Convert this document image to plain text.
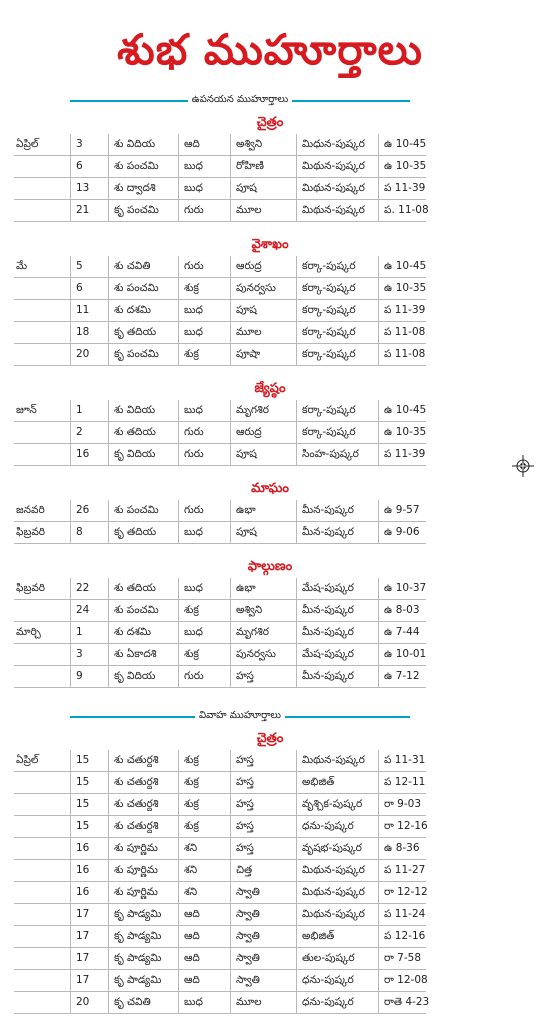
శుభ ముహూర్తాలు
ఉపనయన ముహూర్తాలు
చైత్రం
ఏప్రిల్	3	శు విదియ	ఆది	అశ్విని	మిధున-పుష్కర ఉ 10-45
6	శు పంచమి బుధ	రోహిణి	మిథున-పుష్కర ఉ 10-35
13 శు ద్వాదశి	బుధ	పూష	మిథున-పుష్కర ప 11-39
21 కృ పంచమి గురు	మూల	మిథున-పుష్కర ప. 11-08
వైశాఖం
మే	5	శు చవితి	గురు	ఆరుద్ర	కర్కా-పుష్కర	ఉ 10-45
6	శు పంచమి శుక్ర	పునర్వసు కర్కా-పుష్కర	ఉ 10-35
11 శు దశమి	బుధ	పూష	కర్కా-పుష్కర	ప 11-39
18 కృ తదియ	బుధ	మూల	కర్కా-పుష్కర	ప 11-08
20 కృ పంచమి శుక్ర	పూషా	కర్కా-పుష్కర	ప 11-08
జ్యేష్ఠం
జూన్	1	శు విదియ	బుధ	మృగశిర	కర్కా-పుష్కర	ఉ 10-45
2	శు తదియ	గురు	ఆరుద్ర	కర్కా-పుష్కర	ఉ 10-35
16 కృ విదియ	గురు	పూష	సింహ-పుష్కర ప 11-39
మాఘం
జనవరి	26 శు పంచమి గురు	ఉభా	మీన-పుష్కర	ఉ 9-57
ఫిబ్రవరి	8	కృ తదియ	బుధ	పూష	మీన-పుష్కర	ఉ 9-06
ఫాల్గుణం
ఫిబ్రవరి	22 శు తదియ	బుధ	ఉభా	మేష-పుష్కర	ఉ 10-37
24 శు పంచమి శుక్ర	అశ్విని	మీన-పుష్కర	ఉ 8-03
మార్చి	1	శు దశమి	బుధ	మృగశిర	మీన-పుష్కర	ఉ 7-44
3	శు ఏకాదశి	శుక్ర	పునర్వసు మేష-పుష్కర	ఉ 10-01
9	కృ విదియ	గురు	హస్త	మీన-పుష్కర	ఉ 7-12
వివాహ ముహూర్తాలు
చైత్రం
ఏప్రిల్	15 శు చతుర్దశి శుక్ర	హస్త	మిథున-పుష్కర ప 11-31
15 శు చతుర్దశి శుక్ర	హస్త	అభిజిత్	ప 12-11
15 శు చతుర్దశి శుక్ర	హస్త	వృశ్చిక-పుష్కర రా 9-03
15 శు చతుర్దశి శుక్ర	హస్త	ధను-పుష్కర	రా 12-16
16 శు పూర్ణిమ శని	హస్త	వృషభ-పుష్కర ఉ 8-36
16 శు పూర్ణిమ శని	చిత్త	మిథున-పుష్కర ప 11-27
16 శు పూర్ణిమ శని	స్వాతి	మిథున-పుష్కర రా 12-12
17 కృ పాడ్యమి ఆది	స్వాతి	మిథున-పుష్కర ప 11-24
17 కృ పాడ్యమి ఆది	స్వాతి	అభిజిత్	ప 12-16
17 కృ పాడ్యమి ఆది	స్వాతి	తుల-పుష్కర	రా 7-58
17 కృ పాడ్యమి ఆది	స్వాతి	ధను-పుష్కర	రా 12-08
20 కృ చవితి	బుధ	మూల	ధను-పుష్కర	రాతె 4-23
